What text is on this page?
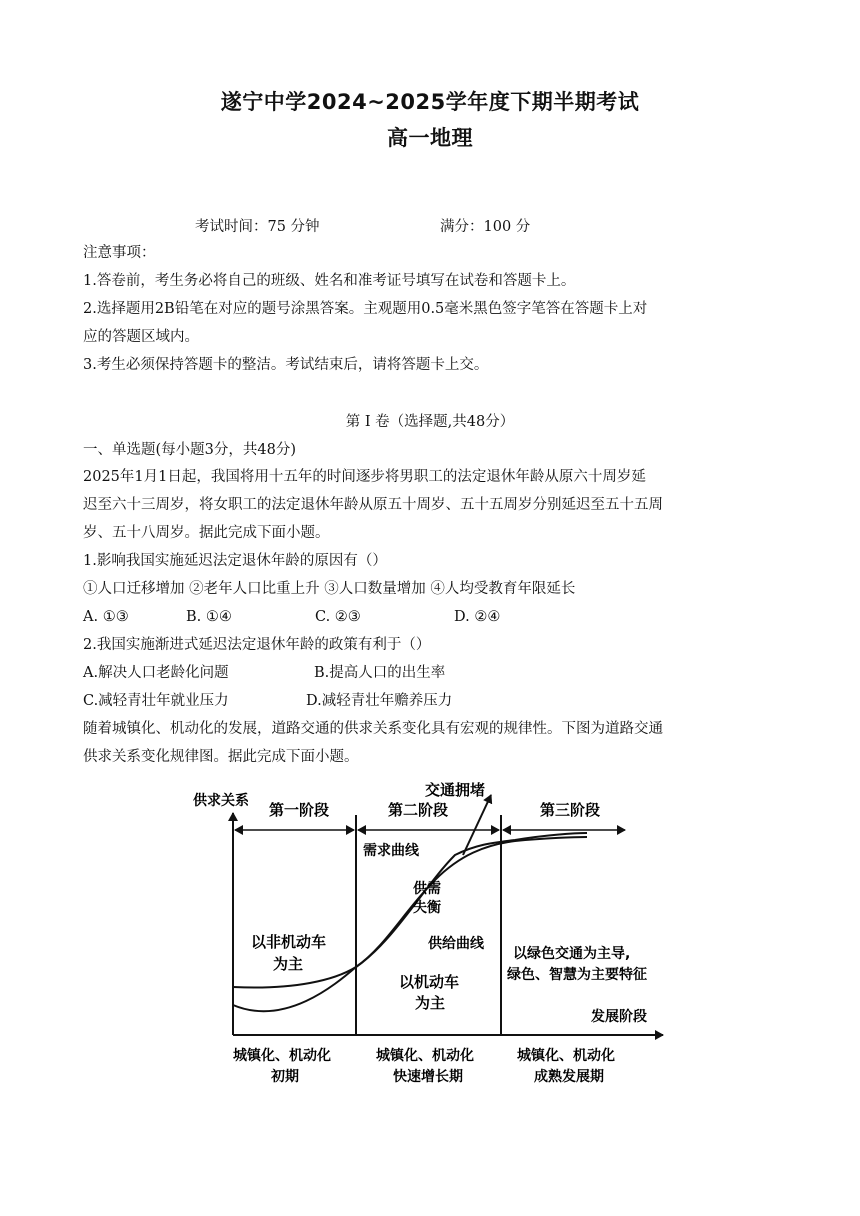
遂宁中学2024~2025学年度下期半期考试
高一地理
考试时间：75 分钟	满分：100 分
注意事项：
1.答卷前，考生务必将自己的班级、姓名和准考证号填写在试卷和答题卡上。
2.选择题用2B铅笔在对应的题号涂黑答案。主观题用0.5毫米黑色签字笔答在答题卡上对
应的答题区域内。
3.考生必须保持答题卡的整洁。考试结束后，请将答题卡上交。
第 Ⅰ 卷（选择题,共48分）
一、单选题(每小题3分，共48分)
2025年1月1日起，我国将用十五年的时间逐步将男职工的法定退休年龄从原六十周岁延
迟至六十三周岁，将女职工的法定退休年龄从原五十周岁、五十五周岁分别延迟至五十五周
岁、五十八周岁。据此完成下面小题。
1.影响我国实施延迟法定退休年龄的原因有（）
①人口迁移增加 ②老年人口比重上升 ③人口数量增加 ④人均受教育年限延长
A. ①③	B. ①④	C. ②③	D. ②④
2.我国实施渐进式延迟法定退休年龄的政策有利于（）
A.解决人口老龄化问题	B.提高人口的出生率
C.减轻青壮年就业压力	D.减轻青壮年赡养压力
随着城镇化、机动化的发展，道路交通的供求关系变化具有宏观的规律性。下图为道路交通
供求关系变化规律图。据此完成下面小题。
供求关系 第一阶段	第二阶段	第三阶段
交通拥堵
需求曲线
供需
失衡
供给曲线
以非机动车
为主
以机动车
为主
以绿色交通为主导,
绿色、智慧为主要特征
发展阶段
城镇化、机动化
初期
城镇化、机动化
快速增长期
城镇化、机动化
成熟发展期
